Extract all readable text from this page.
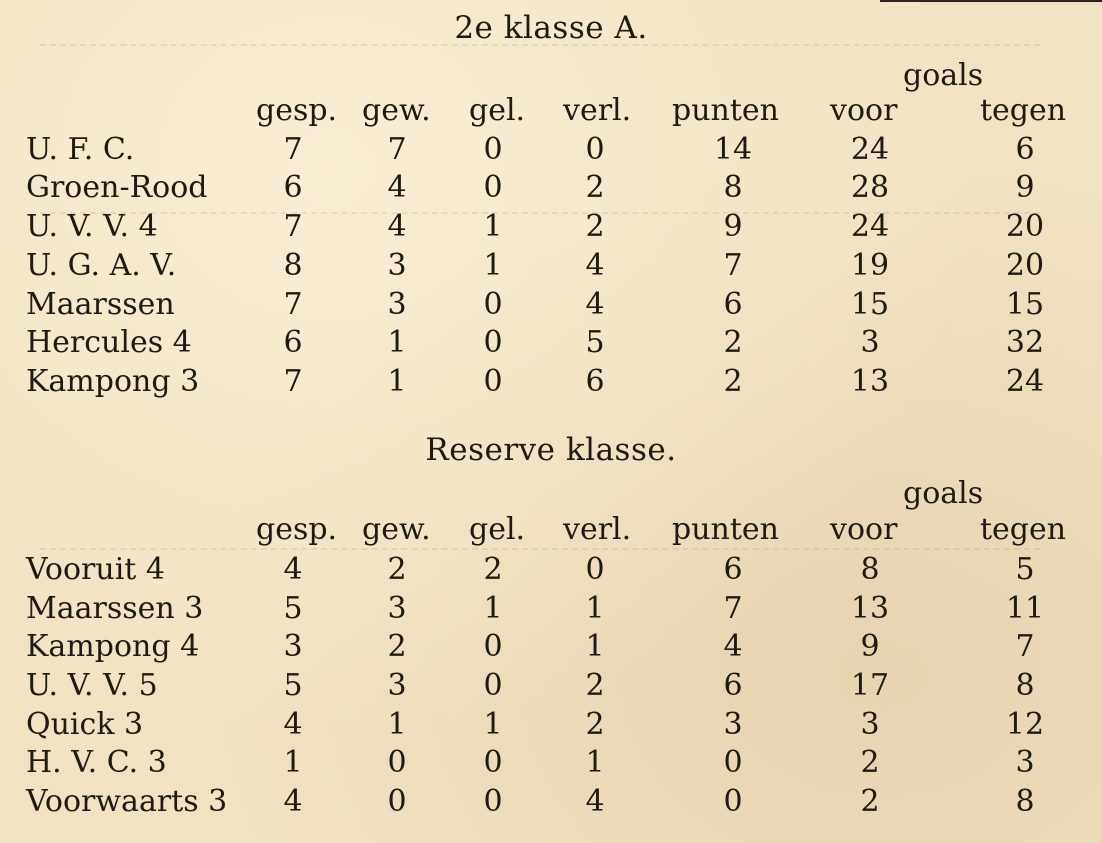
2e klasse A.
goals
gesp. gew. gel. verl. punten voor	tegen
U. F. C.	7	7	0	0	14	24	6
Groen-Rood	6	4	0	2	8	28	9
U. V. V. 4	7	4	1	2	9	24	20
U. G. A. V.	8	3	1	4	7	19	20
Maarssen	7	3	0	4	6	15	15
Hercules 4	6	1	0	5	2	3	32
Kampong 3	7	1	0	6	2	13	24
Reserve klasse.
goals
gesp. gew. gel. verl. punten voor	tegen
Vooruit 4	4	2	2	0	6	8	5
Maarssen 3	5	3	1	1	7	13	11
Kampong 4	3	2	0	1	4	9	7
U. V. V. 5	5	3	0	2	6	17	8
Quick 3	4	1	1	2	3	3	12
H. V. C. 3	1	0	0	1	0	2	3
Voorwaarts 3	4	0	0	4	0	2	8
